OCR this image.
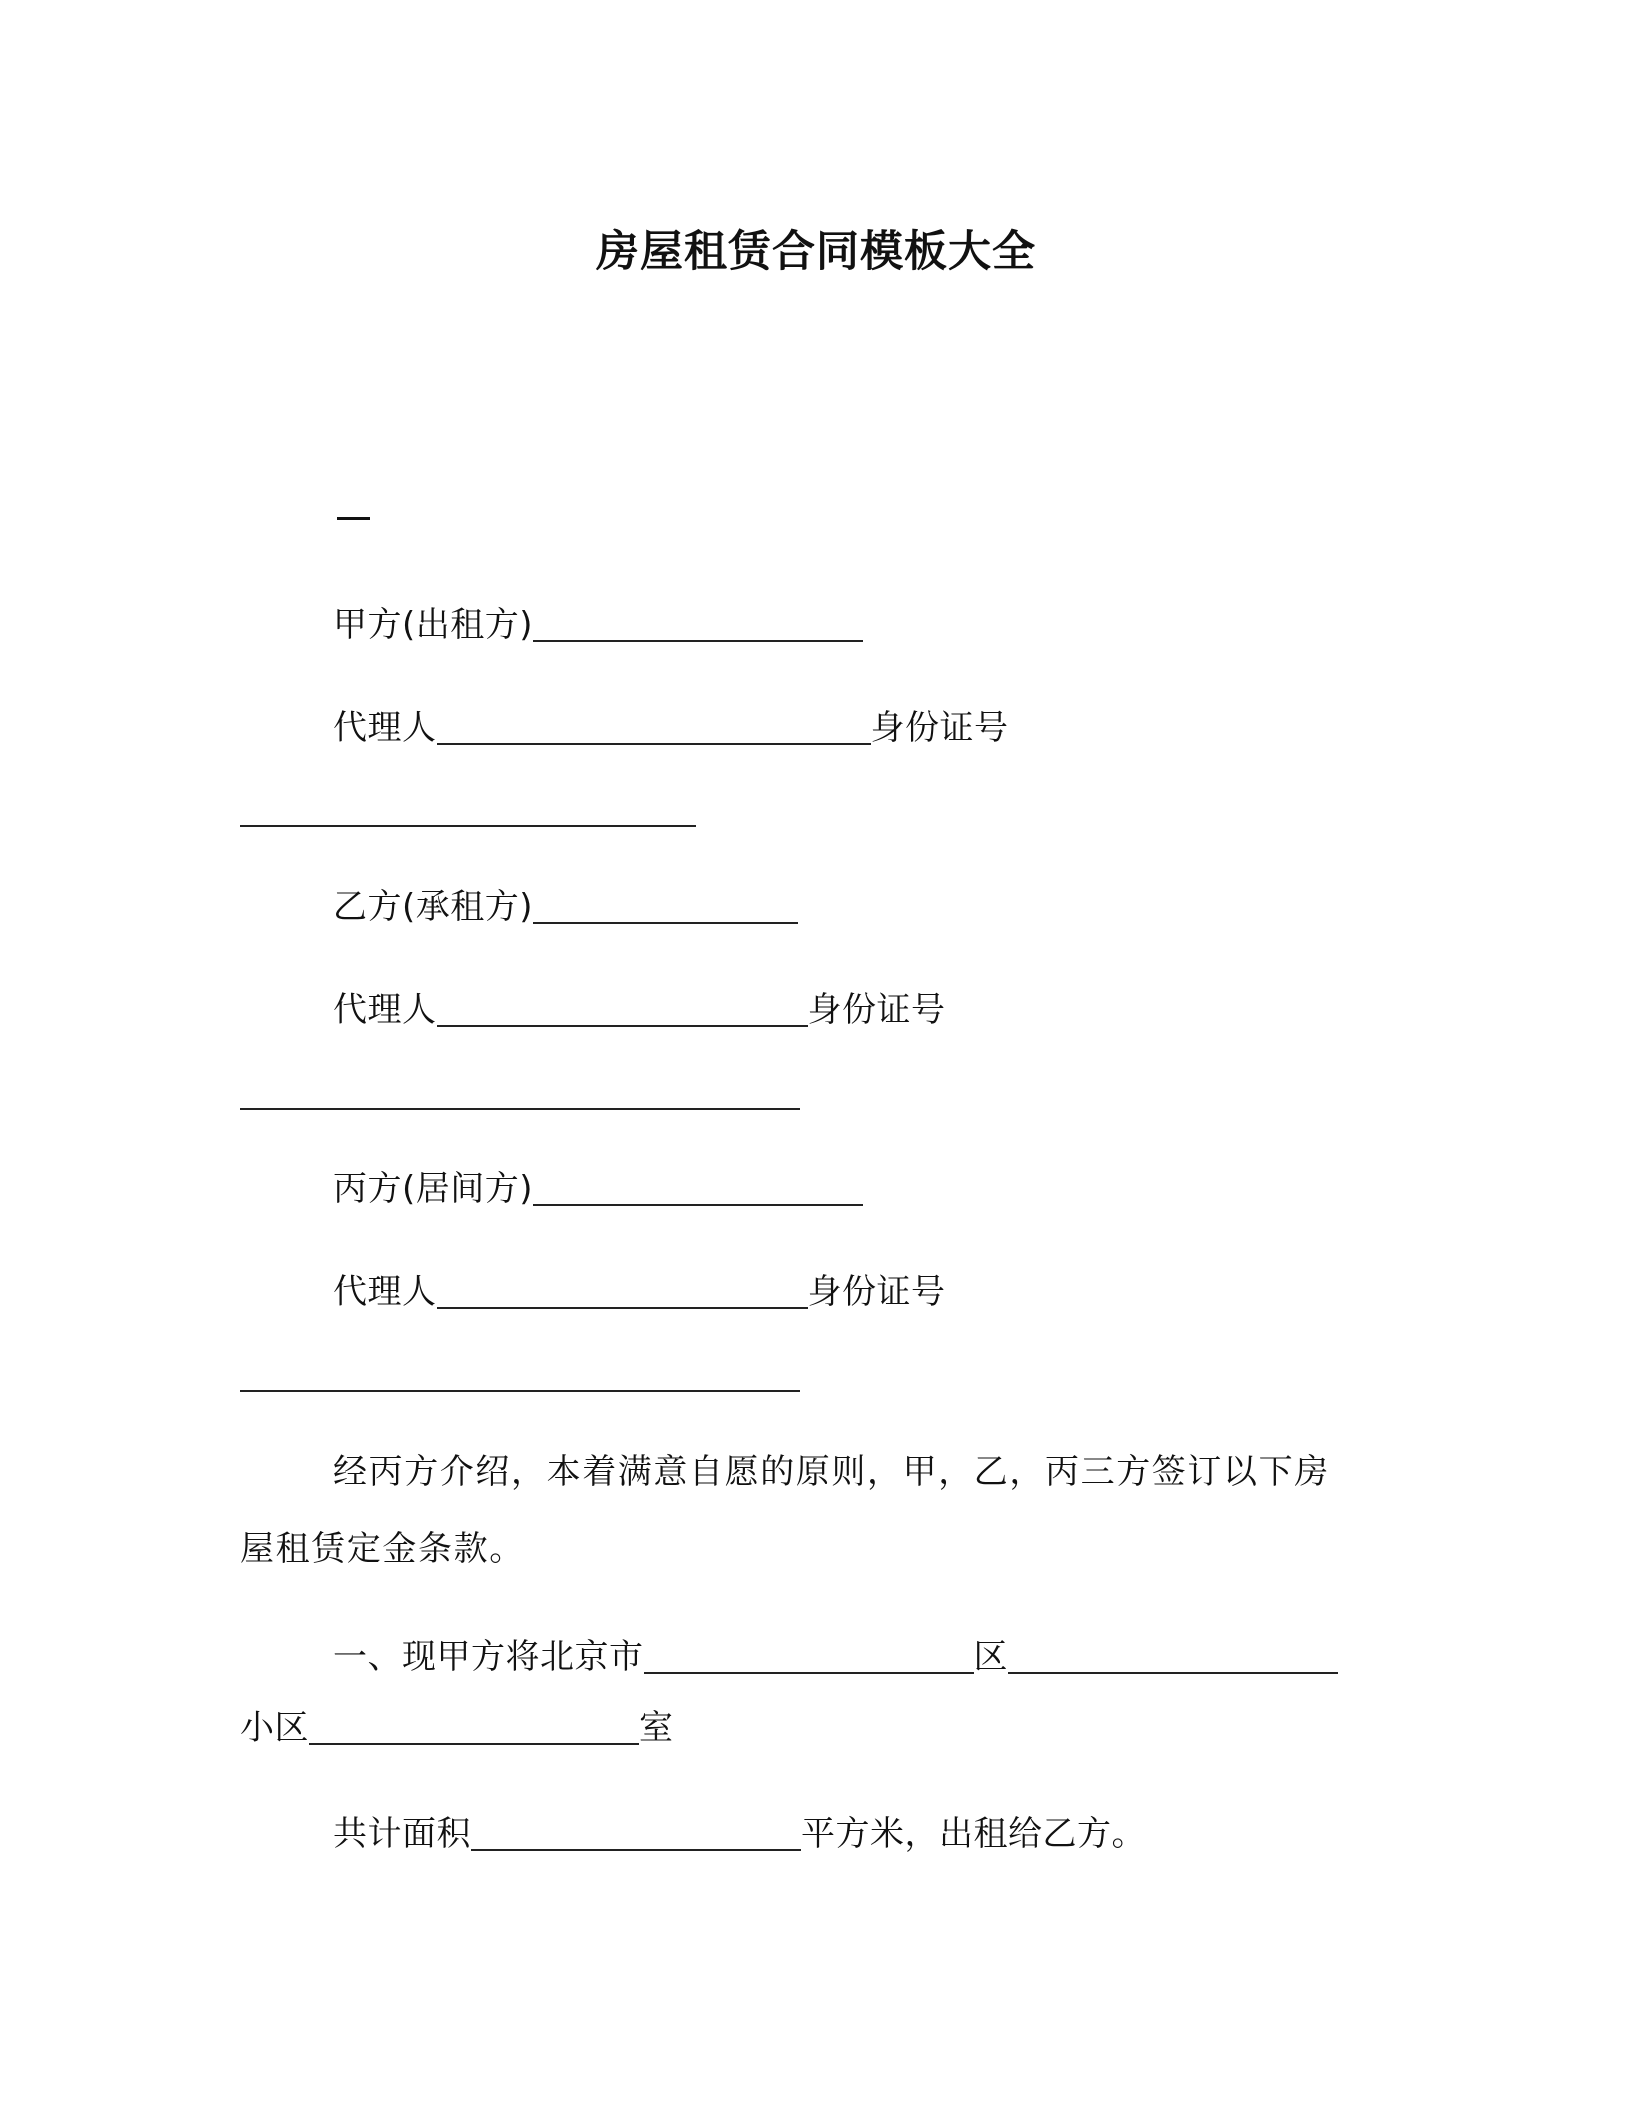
房屋租赁合同模板大全
甲方(出租方)
代理人	身份证号
乙方(承租方)
代理人	身份证号
丙方(居间方)
代理人	身份证号
经丙方介绍，本着满意自愿的原则，甲，乙，丙三方签订以下房
屋租赁定金条款。
一、现甲方将北京市	区
小区	室
共计面积	平方米，出租给乙方。
